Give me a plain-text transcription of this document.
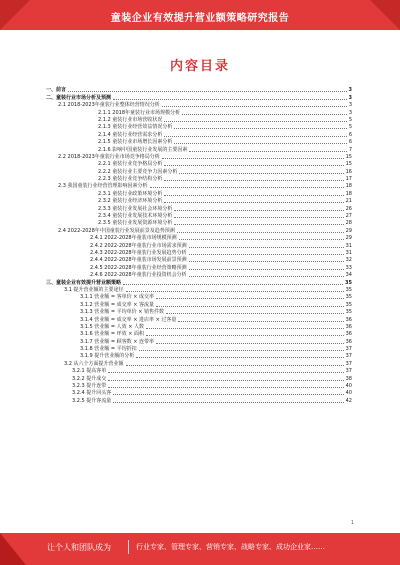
童装企业有效提升营业额策略研究报告
内容目录
一、前言	3
二、童装行业市场分析及预测	3
2.1 2018-2023年童装行业整体经营情况分析	3
2.1.1 2018年童装行业市场规模分析	3
2.1.2 童装行业市场营收状况	5
2.1.3 童装行业经营效益情况分析	5
2.1.4 童装行业经营需求分析	6
2.1.5 童装行业市场增长因素分析	6
2.1.6 影响中国童装行业发展的主要因素	7
2.2 2018-2023年童装行业市场竞争格局分析	15
2.2.1 童装行业竞争格局分析	15
2.2.2 童装行业主要竞争力因素分析	16
2.2.3 童装行业竞争结构分析	17
2.3 我国童装行业经营管理影响因素分析	18
2.3.1 童装行业政策环境分析	18
2.3.2 童装行业经济环境分析	21
2.3.3 童装行业发展社会环境分析	26
2.3.4 童装行业发展技术环境分析	27
2.3.5 童装行业发展资源环境分析	28
2.4 2022-2028年中国童装行业发展前景及趋势预测	29
2.4.1 2022-2028年童装市场规模预测	29
2.4.2 2022-2028年童装行业市场需求预测	31
2.4.3 2022-2028年童装行业发展趋势分析	31
2.4.4 2022-2028年童装市场发展前景预测	32
2.4.5 2022-2028年童装行业经营策略预测	33
2.4.6 2022-2028年童装行业投资机会分析	34
三、童装企业有效提升营业额策略	35
3.1 提升营业额的主要途径	35
3.1.1 营业额 = 客单价 × 成交率	35
3.1.2 营业额 = 成交率 × 客流量	35
3.1.3 营业额 = 平均单价 × 销售件数	35
3.1.4 营业额 = 成交率 × 进店率 × 过客量	36
3.1.5 营业额 = 人效 × 人数	36
3.1.6 营业额 = 坪效 × 面积	36
3.1.7 营业额 = 顾客数 × 连带率	36
3.1.8 营业额 = 平均折扣	37
3.1.9 提升营业额的分析	37
3.2 从六个方面提升营业额	37
3.2.1 提高客单	37
3.2.2 提升成交	38
3.2.3 提升连带	40
3.2.4 提升回头客	40
3.2.5 提升客流量	42
1
让个人和团队成为	行业专家、管理专家、营销专家、战略专家、成功企业家……
